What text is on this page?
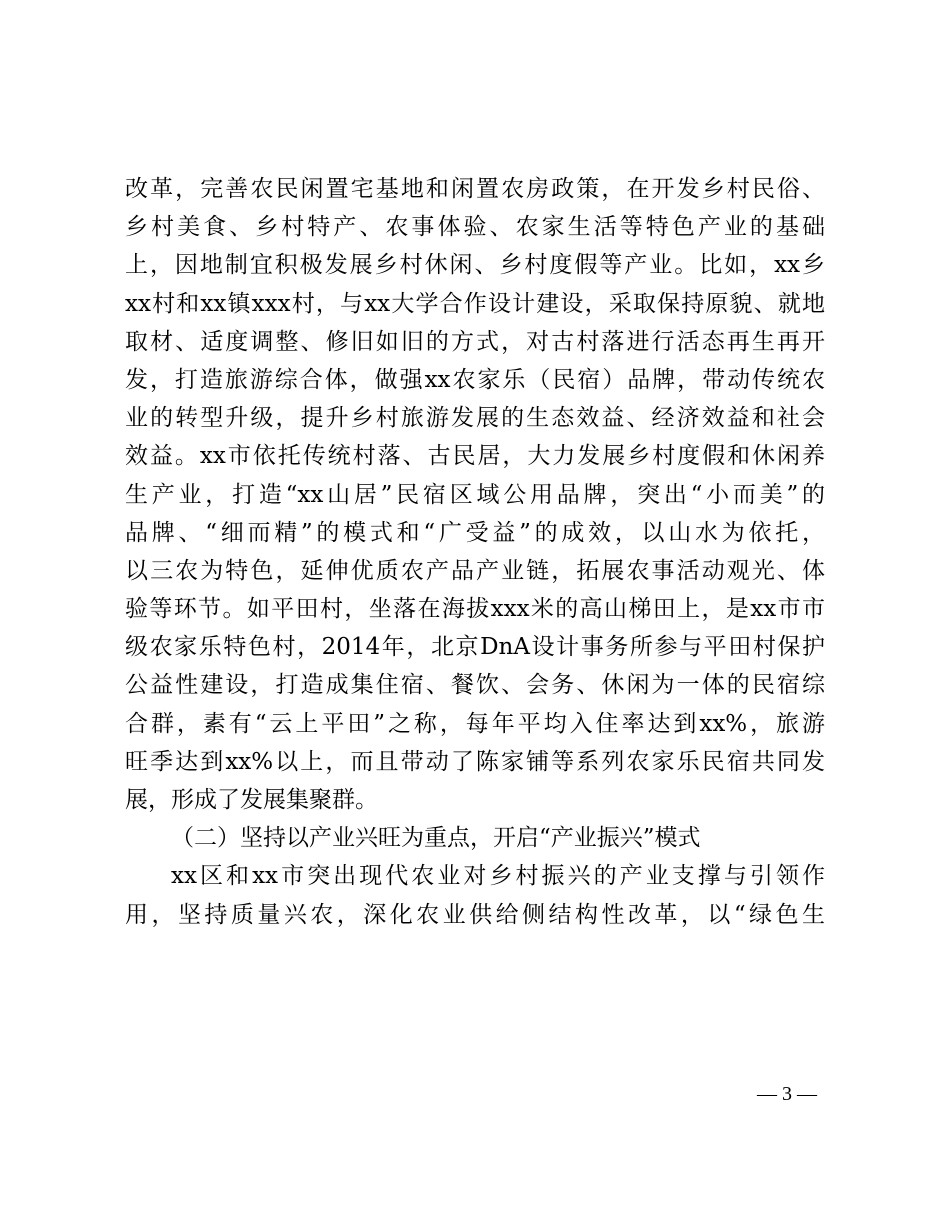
改革，完善农民闲置宅基地和闲置农房政策，在开发乡村民俗、
乡村美食、乡村特产、农事体验、农家生活等特色产业的基础
上，因地制宜积极发展乡村休闲、乡村度假等产业。比如，xx乡
xx村和xx镇xxx村，与xx大学合作设计建设，采取保持原貌、就地
取材、适度调整、修旧如旧的方式，对古村落进行活态再生再开
发，打造旅游综合体，做强xx农家乐（民宿）品牌，带动传统农
业的转型升级，提升乡村旅游发展的生态效益、经济效益和社会
效益。xx市依托传统村落、古民居，大力发展乡村度假和休闲养
生产业，打造“xx山居”民宿区域公用品牌，突出“小而美”的
品牌、“细而精”的模式和“广受益”的成效，以山水为依托，
以三农为特色，延伸优质农产品产业链，拓展农事活动观光、体
验等环节。如平田村，坐落在海拔xxx米的高山梯田上，是xx市市
级农家乐特色村，2014年，北京DnA设计事务所参与平田村保护
公益性建设，打造成集住宿、餐饮、会务、休闲为一体的民宿综
合群，素有“云上平田”之称，每年平均入住率达到xx%，旅游
旺季达到xx%以上，而且带动了陈家铺等系列农家乐民宿共同发
展，形成了发展集聚群。
（二）坚持以产业兴旺为重点，开启“产业振兴”模式
xx区和xx市突出现代农业对乡村振兴的产业支撑与引领作
用，坚持质量兴农，深化农业供给侧结构性改革，以“绿色生
— 3 —
